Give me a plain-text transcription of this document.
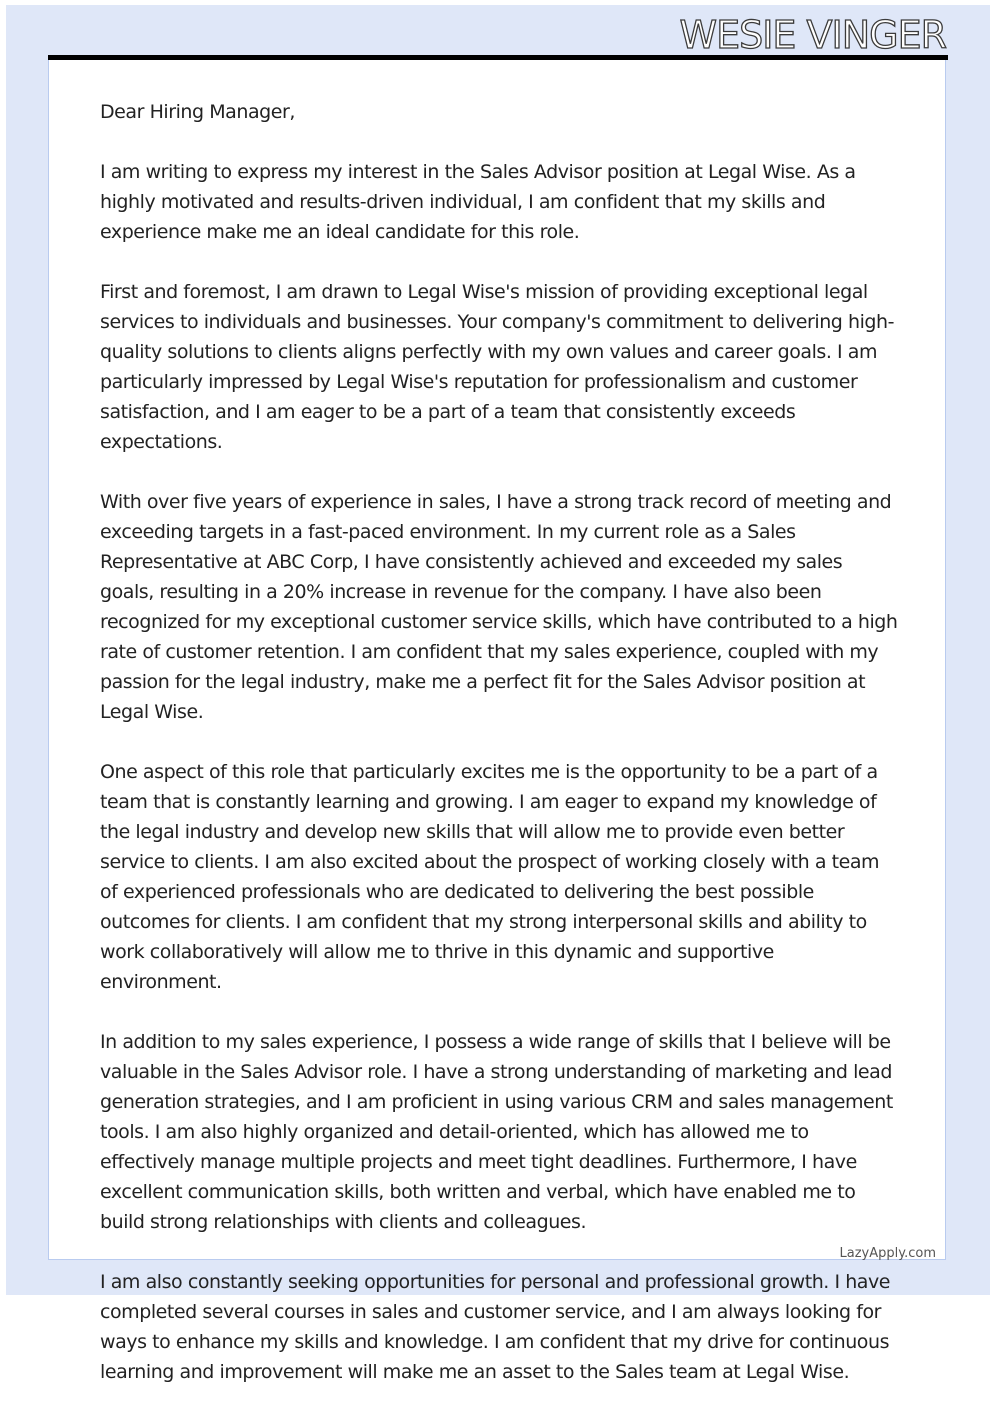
WESIE VINGER

Dear Hiring Manager,

I am writing to express my interest in the Sales Advisor position at Legal Wise. As a highly motivated and results-driven individual, I am confident that my skills and experience make me an ideal candidate for this role.

First and foremost, I am drawn to Legal Wise's mission of providing exceptional legal services to individuals and businesses. Your company's commitment to delivering high-quality solutions to clients aligns perfectly with my own values and career goals. I am particularly impressed by Legal Wise's reputation for professionalism and customer satisfaction, and I am eager to be a part of a team that consistently exceeds expectations.

With over five years of experience in sales, I have a strong track record of meeting and exceeding targets in a fast-paced environment. In my current role as a Sales Representative at ABC Corp, I have consistently achieved and exceeded my sales goals, resulting in a 20% increase in revenue for the company. I have also been recognized for my exceptional customer service skills, which have contributed to a high rate of customer retention. I am confident that my sales experience, coupled with my passion for the legal industry, make me a perfect fit for the Sales Advisor position at Legal Wise.

One aspect of this role that particularly excites me is the opportunity to be a part of a team that is constantly learning and growing. I am eager to expand my knowledge of the legal industry and develop new skills that will allow me to provide even better service to clients. I am also excited about the prospect of working closely with a team of experienced professionals who are dedicated to delivering the best possible outcomes for clients. I am confident that my strong interpersonal skills and ability to work collaboratively will allow me to thrive in this dynamic and supportive environment.

In addition to my sales experience, I possess a wide range of skills that I believe will be valuable in the Sales Advisor role. I have a strong understanding of marketing and lead generation strategies, and I am proficient in using various CRM and sales management tools. I am also highly organized and detail-oriented, which has allowed me to effectively manage multiple projects and meet tight deadlines. Furthermore, I have excellent communication skills, both written and verbal, which have enabled me to build strong relationships with clients and colleagues.

I am also constantly seeking opportunities for personal and professional growth. I have completed several courses in sales and customer service, and I am always looking for ways to enhance my skills and knowledge. I am confident that my drive for continuous learning and improvement will make me an asset to the Sales team at Legal Wise.

LazyApply.com
